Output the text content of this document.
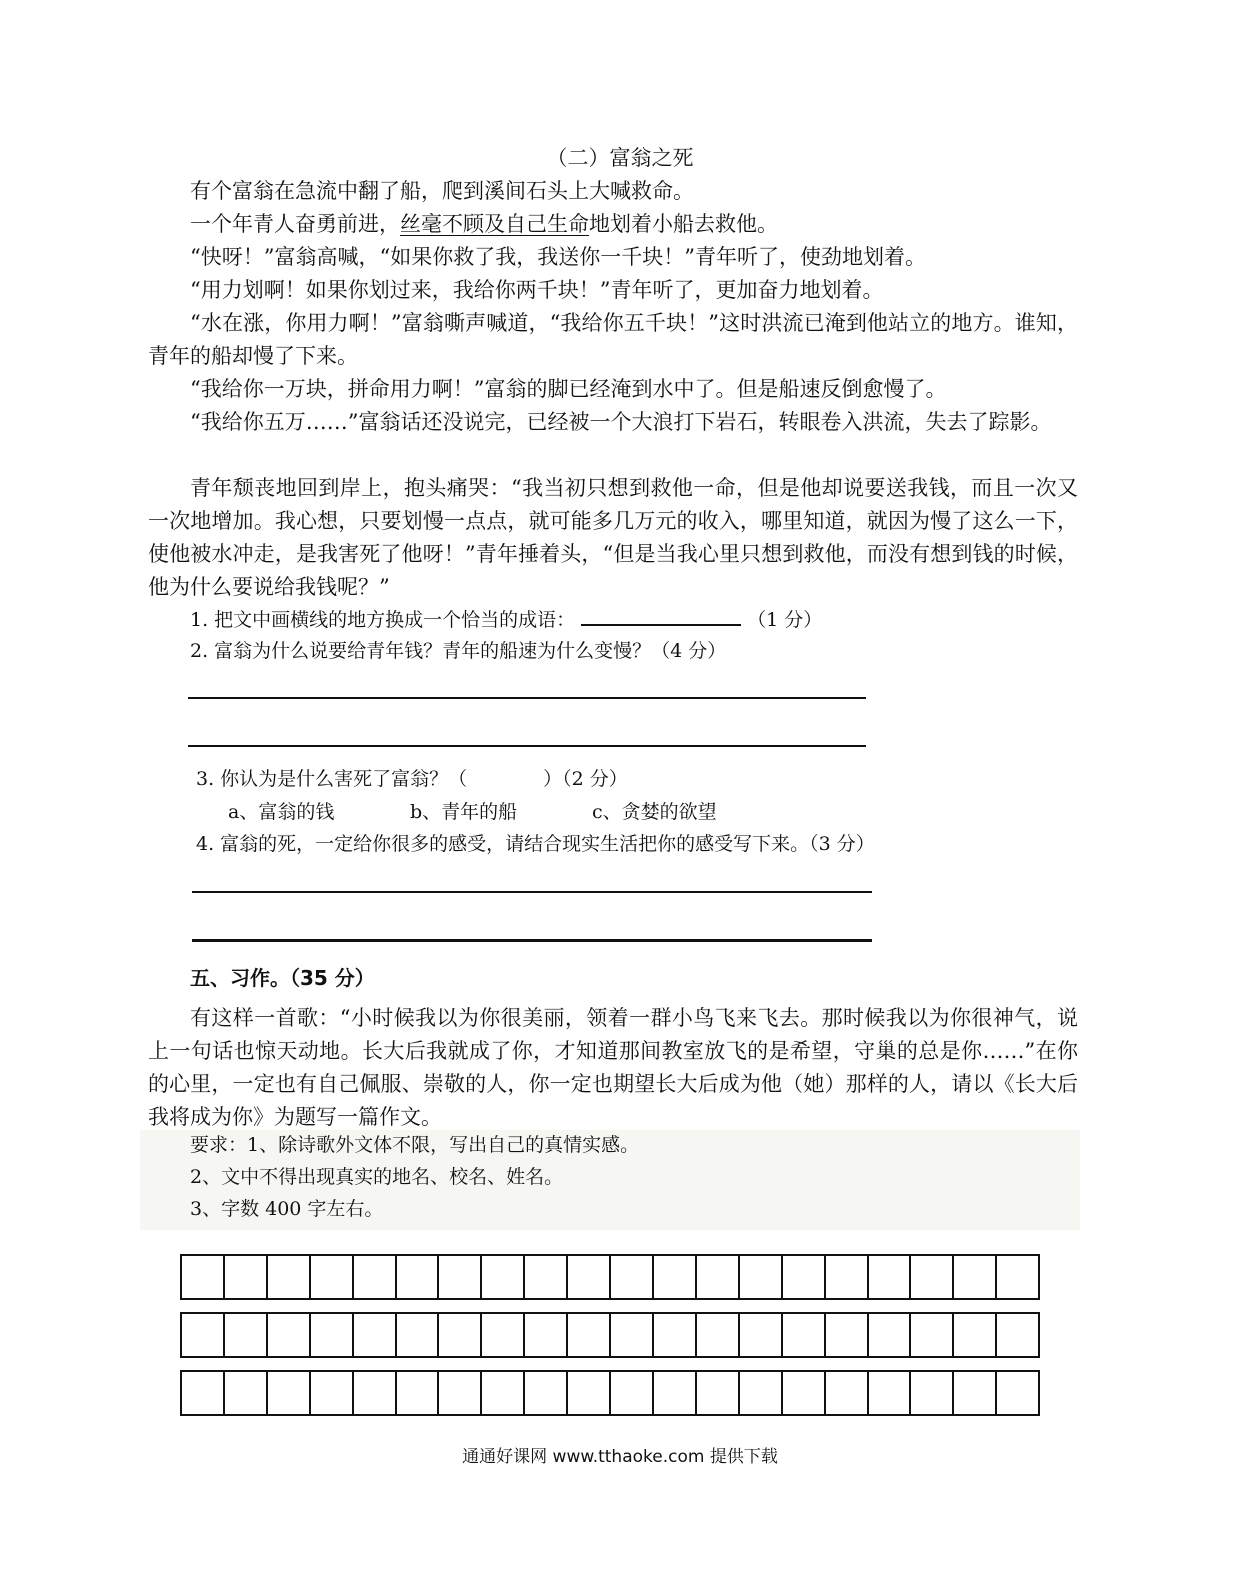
（二）富翁之死

有个富翁在急流中翻了船，爬到溪间石头上大喊救命。

一个年青人奋勇前进，丝毫不顾及自己生命地划着小船去救他。

“快呀！”富翁高喊，“如果你救了我，我送你一千块！”青年听了，使劲地划着。

“用力划啊！如果你划过来，我给你两千块！”青年听了，更加奋力地划着。

“水在涨，你用力啊！”富翁嘶声喊道，“我给你五千块！”这时洪流已淹到他站立的地方。谁知，青年的船却慢了下来。

“我给你一万块，拼命用力啊！”富翁的脚已经淹到水中了。但是船速反倒愈慢了。

“我给你五万……”富翁话还没说完，已经被一个大浪打下岩石，转眼卷入洪流，失去了踪影。

青年颓丧地回到岸上，抱头痛哭：“我当初只想到救他一命，但是他却说要送我钱，而且一次又一次地增加。我心想，只要划慢一点点，就可能多几万元的收入，哪里知道，就因为慢了这么一下，使他被水冲走，是我害死了他呀！”青年捶着头，“但是当我心里只想到救他，而没有想到钱的时候，他为什么要说给我钱呢？”

1. 把文中画横线的地方换成一个恰当的成语：	（1 分）
2. 富翁为什么说要给青年钱？青年的船速为什么变慢？（4 分）
3. 你认为是什么害死了富翁？（　　　　）（2 分）
a、富翁的钱	b、青年的船	c、贪婪的欲望
4. 富翁的死，一定给你很多的感受，请结合现实生活把你的感受写下来。（3 分）
五、习作。（35 分）

有这样一首歌：“小时候我以为你很美丽，领着一群小鸟飞来飞去。那时候我以为你很神气，说上一句话也惊天动地。长大后我就成了你，才知道那间教室放飞的是希望，守巢的总是你……”在你的心里，一定也有自己佩服、崇敬的人，你一定也期望长大后成为他（她）那样的人，请以《长大后我将成为你》为题写一篇作文。

要求：1、除诗歌外文体不限，写出自己的真情实感。
2、文中不得出现真实的地名、校名、姓名。
3、字数 400 字左右。
通通好课网 www.tthaoke.com 提供下载
